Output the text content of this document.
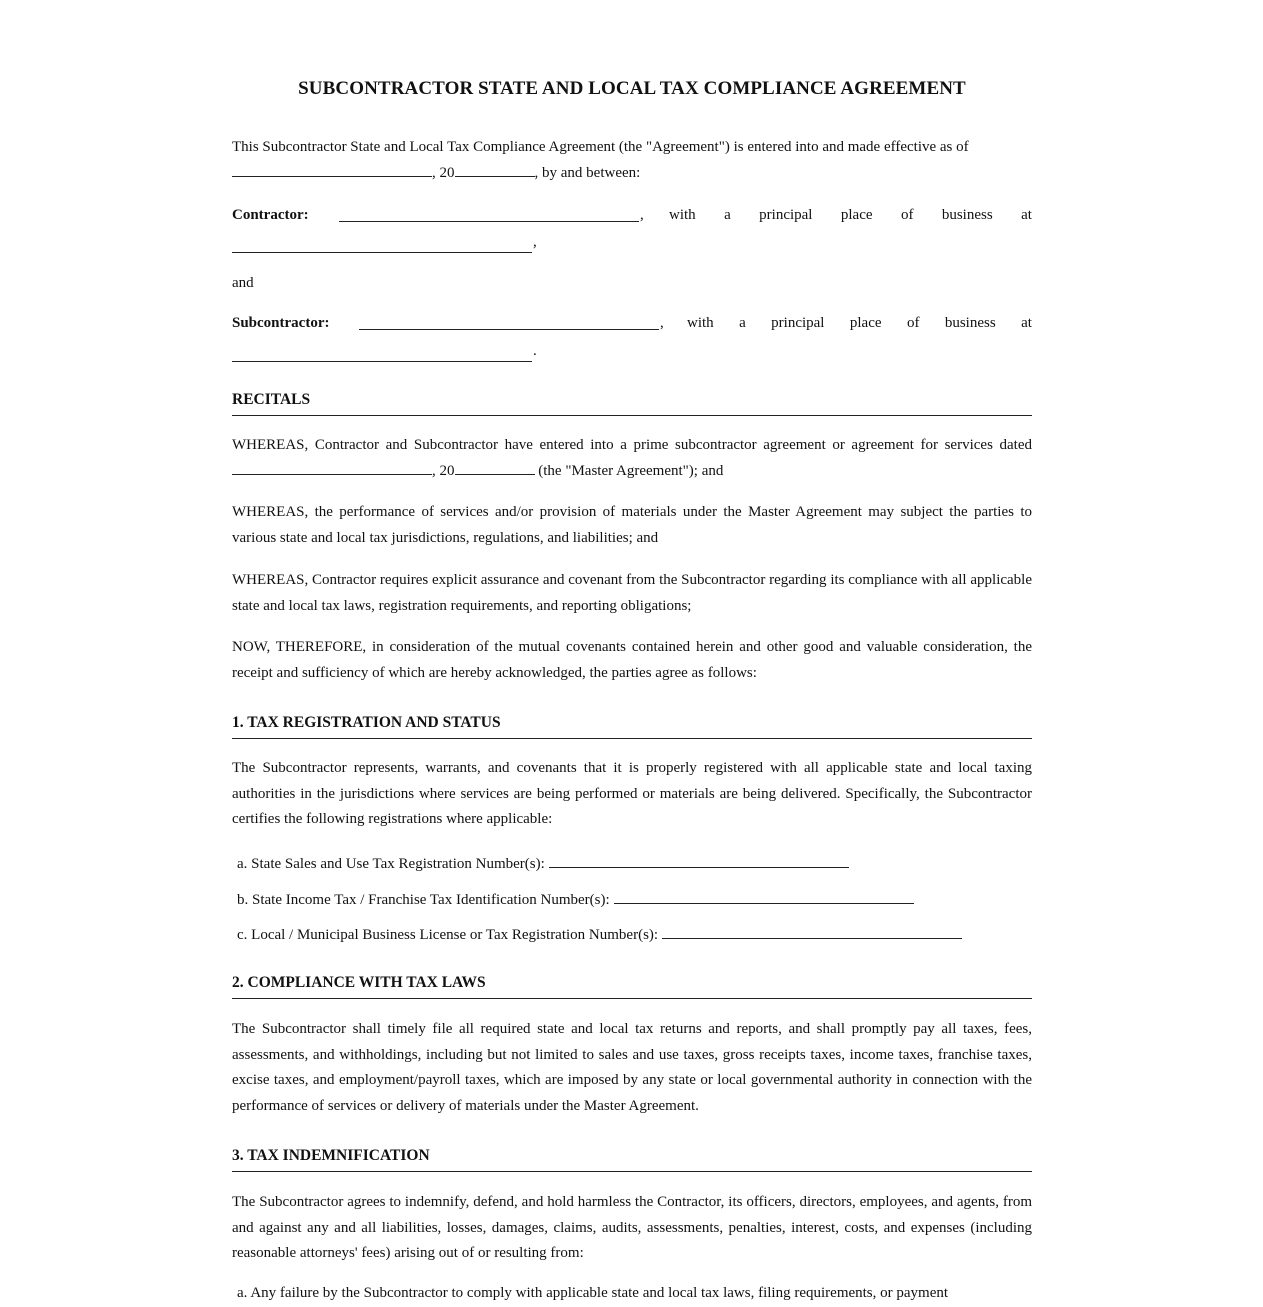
SUBCONTRACTOR STATE AND LOCAL TAX COMPLIANCE AGREEMENT
This Subcontractor State and Local Tax Compliance Agreement (the "Agreement") is entered into and made effective as of
, 20	, by and between:
Contractor:	, with a principal place of business at
,
and
Subcontractor:	, with a principal place of business at
.
RECITALS
WHEREAS, Contractor and Subcontractor have entered into a prime subcontractor agreement or agreement for services dated , 20	(the "Master Agreement"); and
WHEREAS, the performance of services and/or provision of materials under the Master Agreement may subject the parties to various state and local tax jurisdictions, regulations, and liabilities; and
WHEREAS, Contractor requires explicit assurance and covenant from the Subcontractor regarding its compliance with all applicable state and local tax laws, registration requirements, and reporting obligations;
NOW, THEREFORE, in consideration of the mutual covenants contained herein and other good and valuable consideration, the receipt and sufficiency of which are hereby acknowledged, the parties agree as follows:
1. TAX REGISTRATION AND STATUS
The Subcontractor represents, warrants, and covenants that it is properly registered with all applicable state and local taxing authorities in the jurisdictions where services are being performed or materials are being delivered. Specifically, the Subcontractor certifies the following registrations where applicable:
a. State Sales and Use Tax Registration Number(s):
b. State Income Tax / Franchise Tax Identification Number(s):
c. Local / Municipal Business License or Tax Registration Number(s):
2. COMPLIANCE WITH TAX LAWS
The Subcontractor shall timely file all required state and local tax returns and reports, and shall promptly pay all taxes, fees, assessments, and withholdings, including but not limited to sales and use taxes, gross receipts taxes, income taxes, franchise taxes, excise taxes, and employment/payroll taxes, which are imposed by any state or local governmental authority in connection with the performance of services or delivery of materials under the Master Agreement.
3. TAX INDEMNIFICATION
The Subcontractor agrees to indemnify, defend, and hold harmless the Contractor, its officers, directors, employees, and agents, from and against any and all liabilities, losses, damages, claims, audits, assessments, penalties, interest, costs, and expenses (including reasonable attorneys' fees) arising out of or resulting from:
a. Any failure by the Subcontractor to comply with applicable state and local tax laws, filing requirements, or payment
